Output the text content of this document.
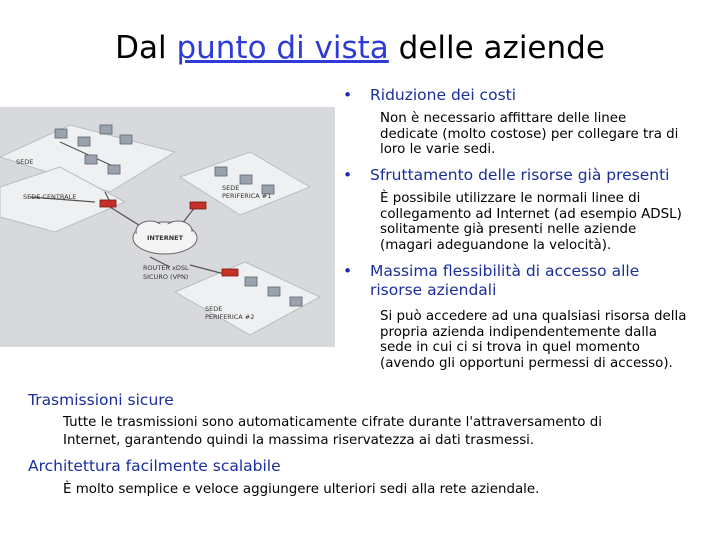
Dal punto di vista delle aziende
INTERNET
SEDE CENTRALE
SEDE
PERIFERICA #1
SEDE
PERIFERICA #2
ROUTER xDSL
SICURO (VPN)
SEDE
•	Riduzione dei costi
Non è necessario affittare delle linee
dedicate (molto costose) per collegare tra di
loro le varie sedi.
•	Sfruttamento delle risorse già presenti
È possibile utilizzare le normali linee di
collegamento ad Internet (ad esempio ADSL)
solitamente già presenti nelle aziende
(magari adeguandone la velocità).
•	Massima flessibilità di accesso alle
risorse aziendali
Si può accedere ad una qualsiasi risorsa della
propria azienda indipendentemente dalla
sede in cui ci si trova in quel momento
(avendo gli opportuni permessi di accesso).
Trasmissioni sicure
Tutte le trasmissioni sono automaticamente cifrate durante l'attraversamento di
Internet, garantendo quindi la massima riservatezza ai dati trasmessi.
Architettura facilmente scalabile
È molto semplice e veloce aggiungere ulteriori sedi alla rete aziendale.
